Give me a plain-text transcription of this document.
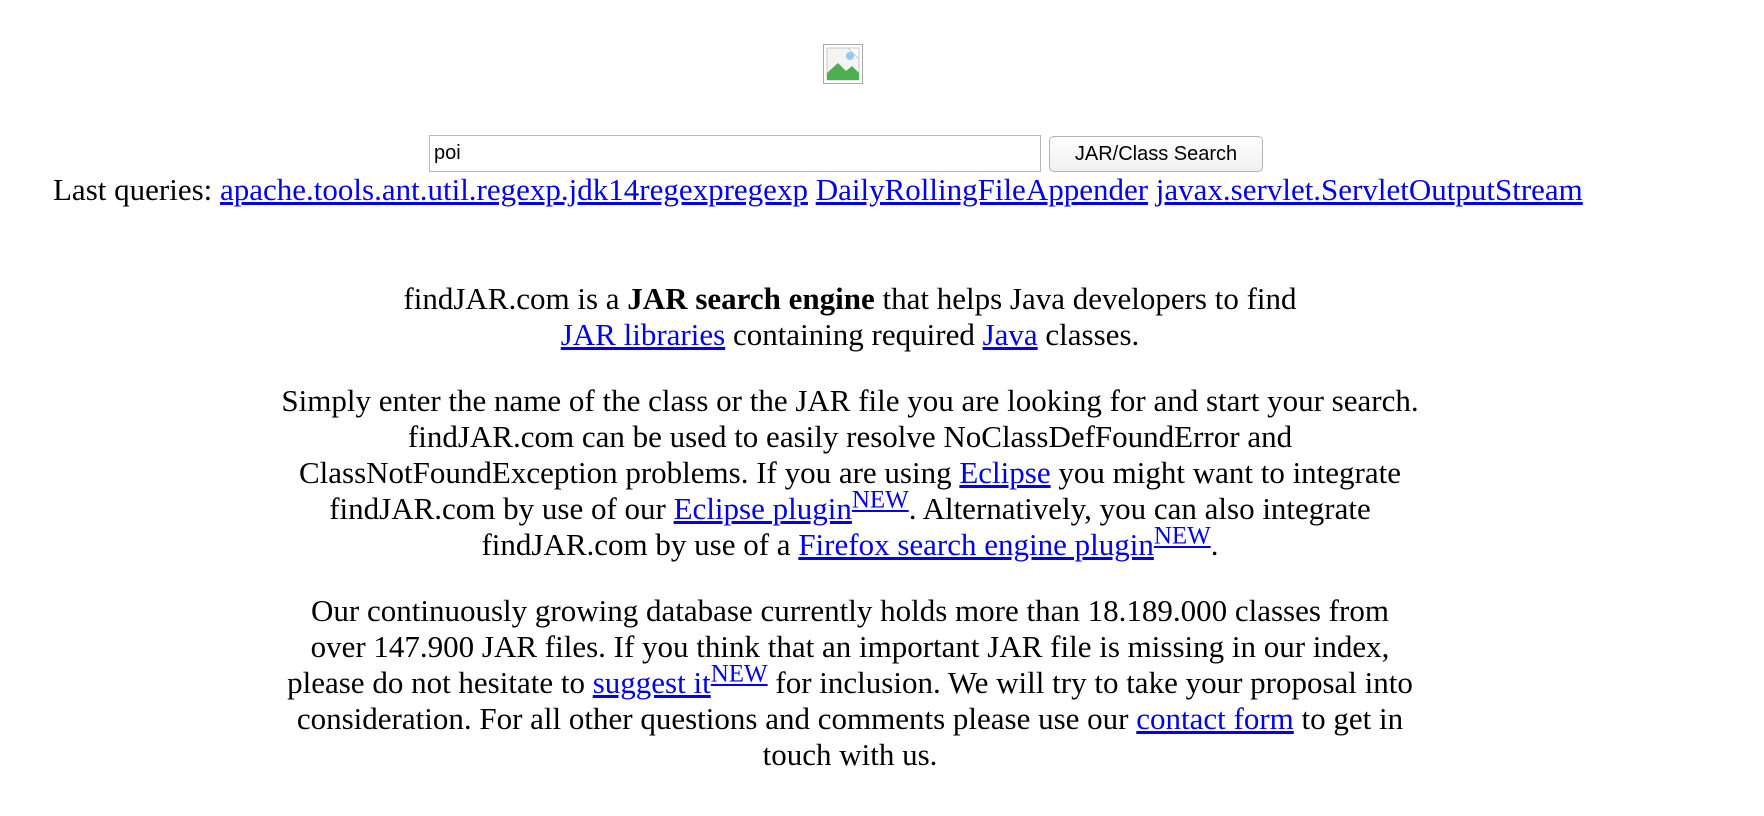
poi
JAR/Class Search
Last queries: apache.tools.ant.util.regexp.jdk14regexpregexp DailyRollingFileAppender javax.servlet.ServletOutputStream

findJAR.com is a JAR search engine that helps Java developers to find
JAR libraries containing required Java classes.

Simply enter the name of the class or the JAR file you are looking for and start your search. findJAR.com can be used to easily resolve NoClassDefFoundError and ClassNotFoundException problems. If you are using Eclipse you might want to integrate findJAR.com by use of our Eclipse plugin$^{NEW}$. Alternatively, you can also integrate findJAR.com by use of a Firefox search engine plugin$^{NEW}$.

Our continuously growing database currently holds more than 18.189.000 classes from over 147.900 JAR files. If you think that an important JAR file is missing in our index, please do not hesitate to suggest it$^{NEW}$ for inclusion. We will try to take your proposal into consideration. For all other questions and comments please use our contact form to get in touch with us.
